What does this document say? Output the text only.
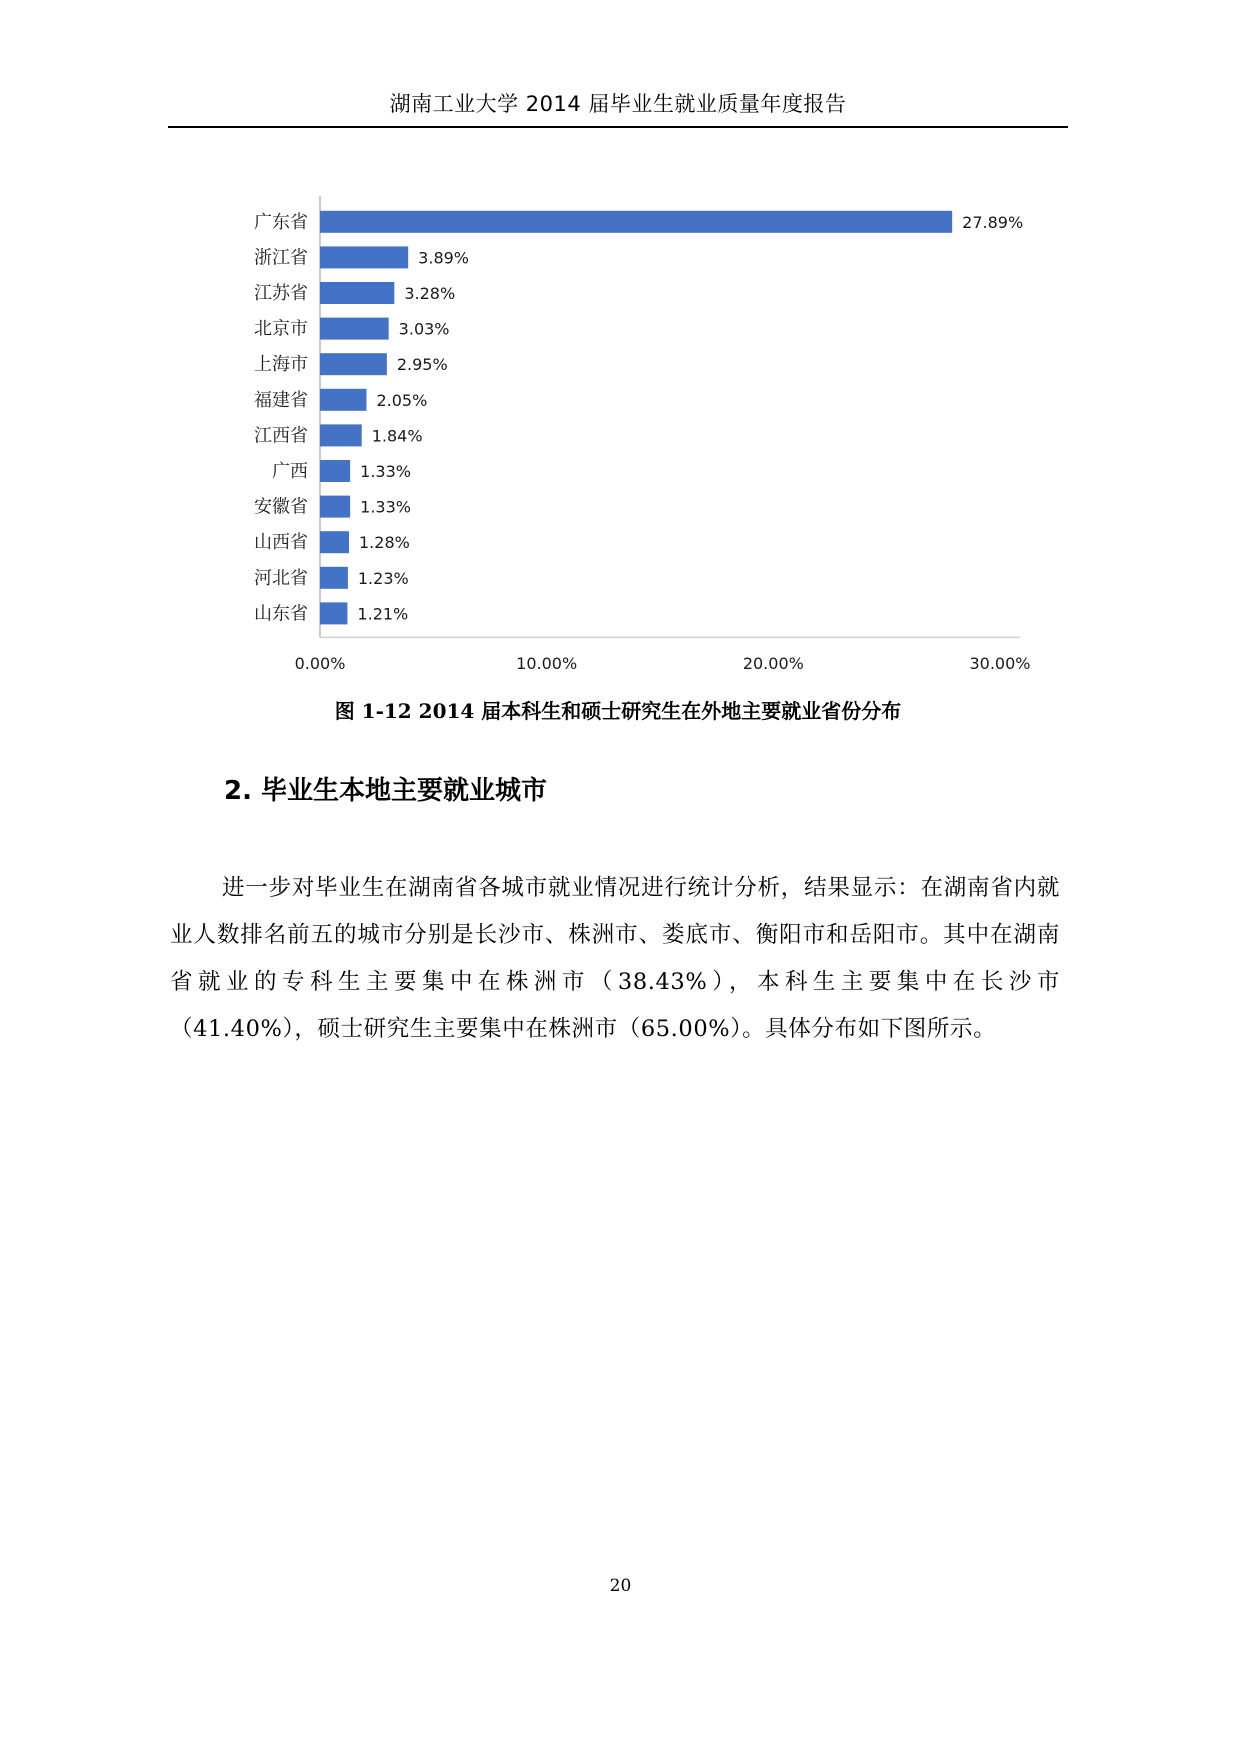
湖南工业大学 2014 届毕业生就业质量年度报告
广东省	27.89%
浙江省	3.89%
江苏省	3.28%
北京市	3.03%
上海市	2.95%
福建省	2.05%
江西省	1.84%
广西	1.33%
安徽省	1.33%
山西省	1.28%
河北省	1.23%
山东省	1.21%
0.00%	10.00%	20.00%	30.00%
图 1-12 2014 届本科生和硕士研究生在外地主要就业省份分布
2. 毕业生本地主要就业城市

进一步对毕业生在湖南省各城市就业情况进行统计分析，结果显示：在湖南省内就业人数排名前五的城市分别是长沙市、株洲市、娄底市、衡阳市和岳阳市。其中在湖南省就业的专科生主要集中在株洲市（38.43%），本科生主要集中在长沙市（41.40%），硕士研究生主要集中在株洲市（65.00%）。具体分布如下图所示。

20
